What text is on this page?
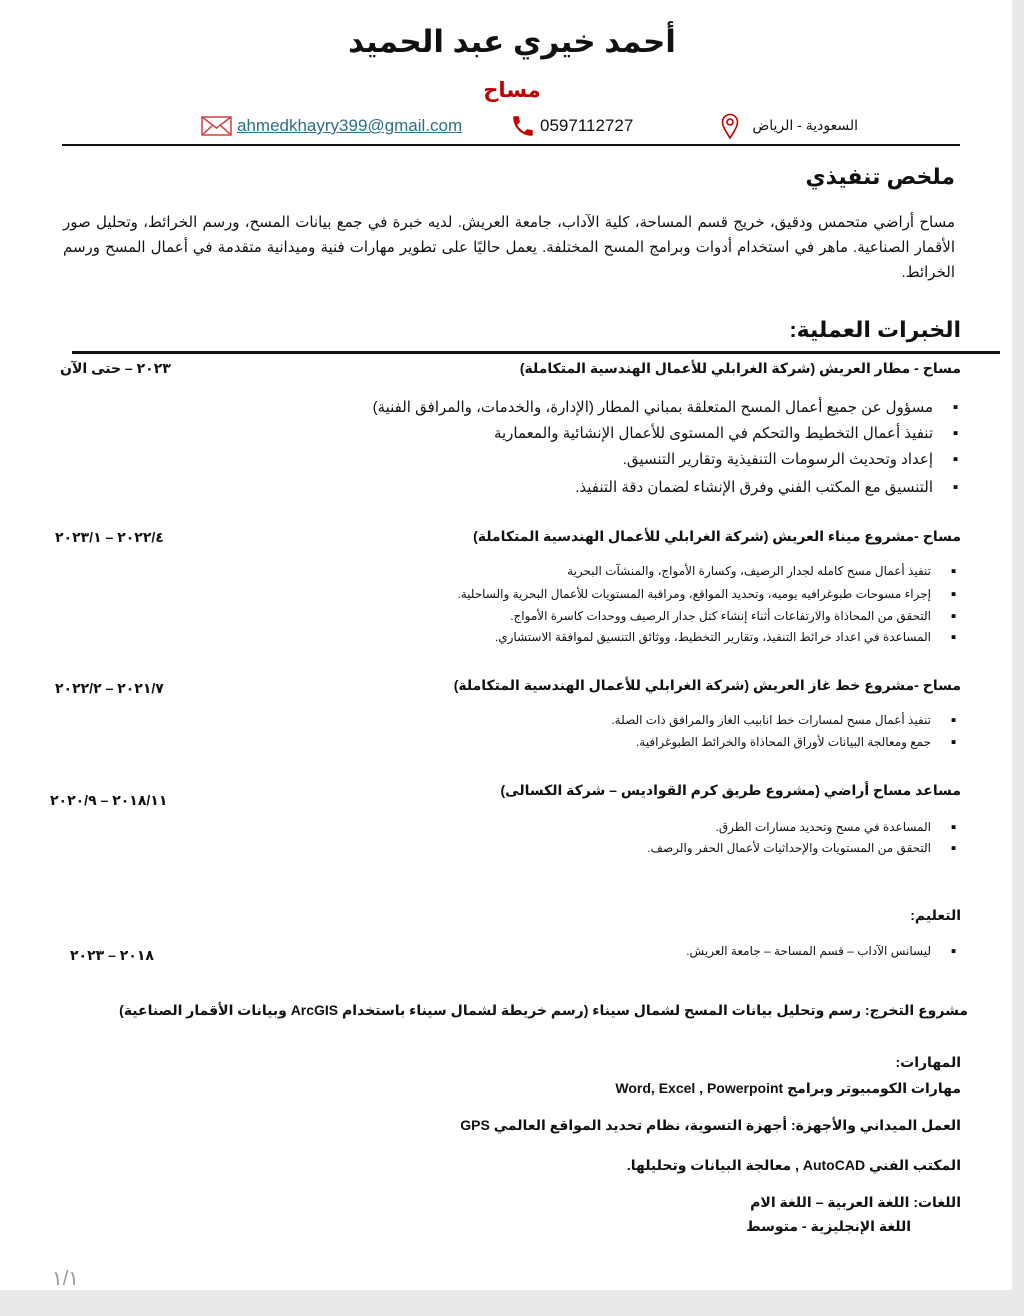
أحمد خيري عبد الحميد
مساح
ahmedkhayry399@gmail.com	0597112727	السعودية - الرياض
ملخص تنفيذي
مساح أراضي متحمس ودقيق، خريج قسم المساحة، كلية الآداب، جامعة العريش. لديه خبرة في جمع بيانات المسح، ورسم الخرائط، وتحليل صور الأقمار الصناعية. ماهر في استخدام أدوات وبرامج المسح المختلفة. يعمل حاليًا على تطوير مهارات فنية وميدانية متقدمة في أعمال المسح ورسم الخرائط.
الخبرات العملية:
مساح - مطار العريش (شركة الغرابلي للأعمال الهندسية المتكاملة)
٢٠٢٣ – حتى الآن
■ مسؤول عن جميع أعمال المسح المتعلقة بمباني المطار (الإدارة، والخدمات، والمرافق الفنية)
■ تنفيذ أعمال التخطيط والتحكم في المستوى للأعمال الإنشائية والمعمارية
■ إعداد وتحديث الرسومات التنفيذية وتقارير التنسيق.
■ التنسيق مع المكتب الفني وفرق الإنشاء لضمان دقة التنفيذ.
مساح -مشروع ميناء العريش (شركة الغرابلي للأعمال الهندسية المتكاملة)
٢٠٢٢/٤ – ٢٠٢٣/١
■ تنفيذ أعمال مسح كامله لجدار الرصيف، وكسارة الأمواج، والمنشآت البحرية
■ إجراء مسوحات طبوغرافيه يوميه، وتحديد المواقع، ومراقبة المستويات للأعمال البحرية والساحلية.
■ التحقق من المحاذاة والارتفاعات أثناء إنشاء كتل جدار الرصيف ووحدات كاسرة الأمواج.
■ المساعدة في اعداد خرائط التنفيذ، وتقارير التخطيط، ووثائق التنسيق لموافقة الاستشاري.
مساح -مشروع خط غاز العريش (شركة الغرابلي للأعمال الهندسية المتكاملة)
٢٠٢١/٧ – ٢٠٢٢/٢
■ تنفيذ أعمال مسح لمسارات خط انابيب الغاز والمرافق ذات الصلة.
■ جمع ومعالجة البيانات لأوراق المحاذاة والخرائط الطبوغرافية.
مساعد مساح أراضي (مشروع طريق كرم القواديس – شركة الكسالى)
٢٠١٨/١١ – ٢٠٢٠/٩
■ المساعدة في مسح وتحديد مسارات الطرق.
■ التحقق من المستويات والإحداثيات لأعمال الحفر والرصف.
التعليم:
■ ليسانس الآداب – قسم المساحة – جامعة العريش.
٢٠١٨ – ٢٠٢٣
مشروع التخرج: رسم وتحليل بيانات المسح لشمال سيناء (رسم خريطة لشمال سيناء باستخدام ArcGIS وبيانات الأقمار الصناعية)
المهارات:
مهارات الكومبيوتر وبرامج Word, Excel , Powerpoint
العمل الميداني والأجهزة: أجهزة التسوية، نظام تحديد المواقع العالمي GPS
المكتب الفني AutoCAD , معالجة البيانات وتحليلها.
اللغات: اللغة العربية – اللغة الام
اللغة الإنجليزية - متوسط
١/١
